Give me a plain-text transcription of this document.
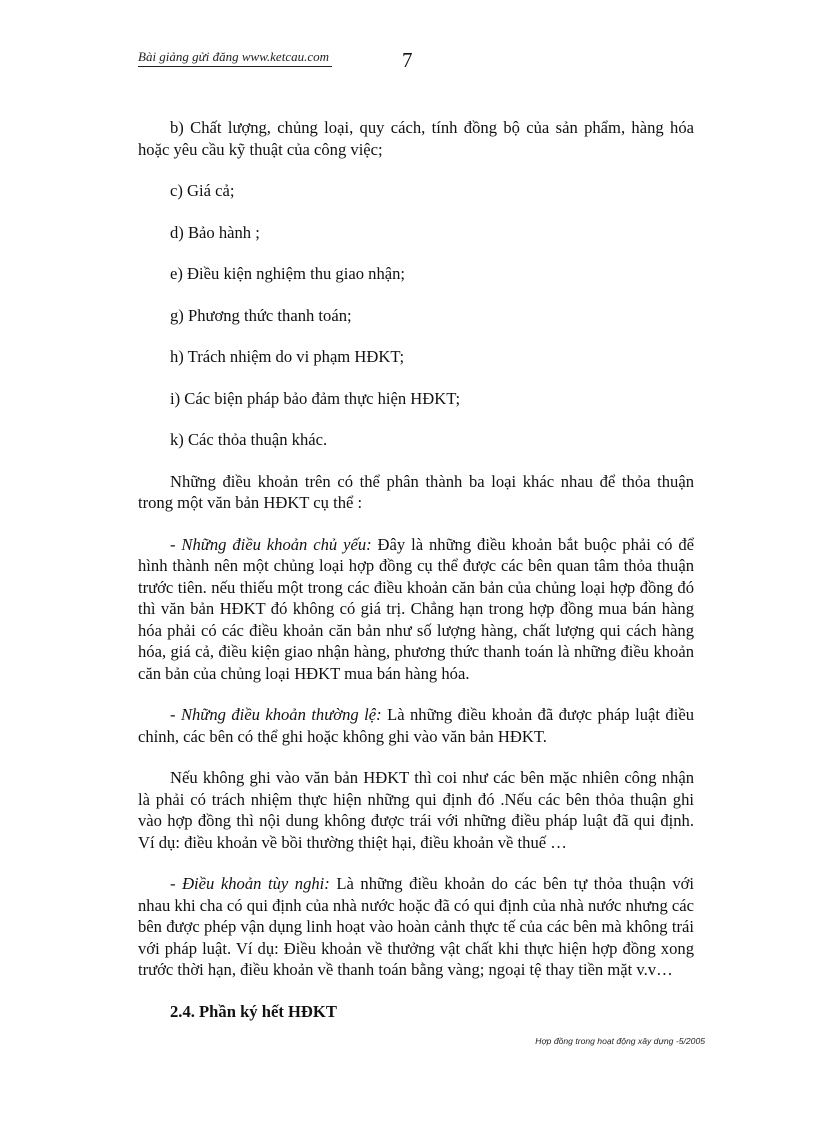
Bài giảng gửi đăng www.ketcau.com	7

b) Chất lượng, chủng loại, quy cách, tính đồng bộ của sản phẩm, hàng hóa hoặc yêu cầu kỹ thuật của công việc;

c) Giá cả;

d) Bảo hành ;

e) Điều kiện nghiệm thu giao nhận;

g) Phương thức thanh toán;

h) Trách nhiệm do vi phạm HĐKT;

i) Các biện pháp bảo đảm thực hiện HĐKT;

k) Các thỏa thuận khác.

Những điều khoản trên có thể phân thành ba loại khác nhau để thỏa thuận trong một văn bản HĐKT cụ thể :

- Những điều khoản chủ yếu: Đây là những điều khoản bắt buộc phải có để hình thành nên một chủng loại hợp đồng cụ thể được các bên quan tâm thỏa thuận trước tiên. nếu thiếu một trong các điều khoản căn bản của chủng loại hợp đồng đó thì văn bản HĐKT đó không có giá trị. Chẳng hạn trong hợp đồng mua bán hàng hóa phải có các điều khoản căn bản như số lượng hàng, chất lượng qui cách hàng hóa, giá cả, điều kiện giao nhận hàng, phương thức thanh toán là những điều khoản căn bản của chủng loại HĐKT mua bán hàng hóa.

- Những điều khoản thường lệ: Là những điều khoản đã được pháp luật điều chỉnh, các bên có thể ghi hoặc không ghi vào văn bản HĐKT.

Nếu không ghi vào văn bản HĐKT thì coi như các bên mặc nhiên công nhận là phải có trách nhiệm thực hiện những qui định đó .Nếu các bên thỏa thuận ghi vào hợp đồng thì nội dung không được trái với những điều pháp luật đã qui định. Ví dụ: điều khoản về bồi thường thiệt hại, điều khoản về thuế …

- Điều khoản tùy nghi: Là những điều khoản do các bên tự thỏa thuận với nhau khi cha có qui định của nhà nước hoặc đã có qui định của nhà nước nhưng các bên được phép vận dụng linh hoạt vào hoàn cảnh thực tế của các bên mà không trái với pháp luật. Ví dụ: Điều khoản về thưởng vật chất khi thực hiện hợp đồng xong trước thời hạn, điều khoản về thanh toán bằng vàng; ngoại tệ thay tiền mặt v.v…

2.4. Phần ký hết HĐKT

Hợp đồng trong hoạt động xây dựng -5/2005
